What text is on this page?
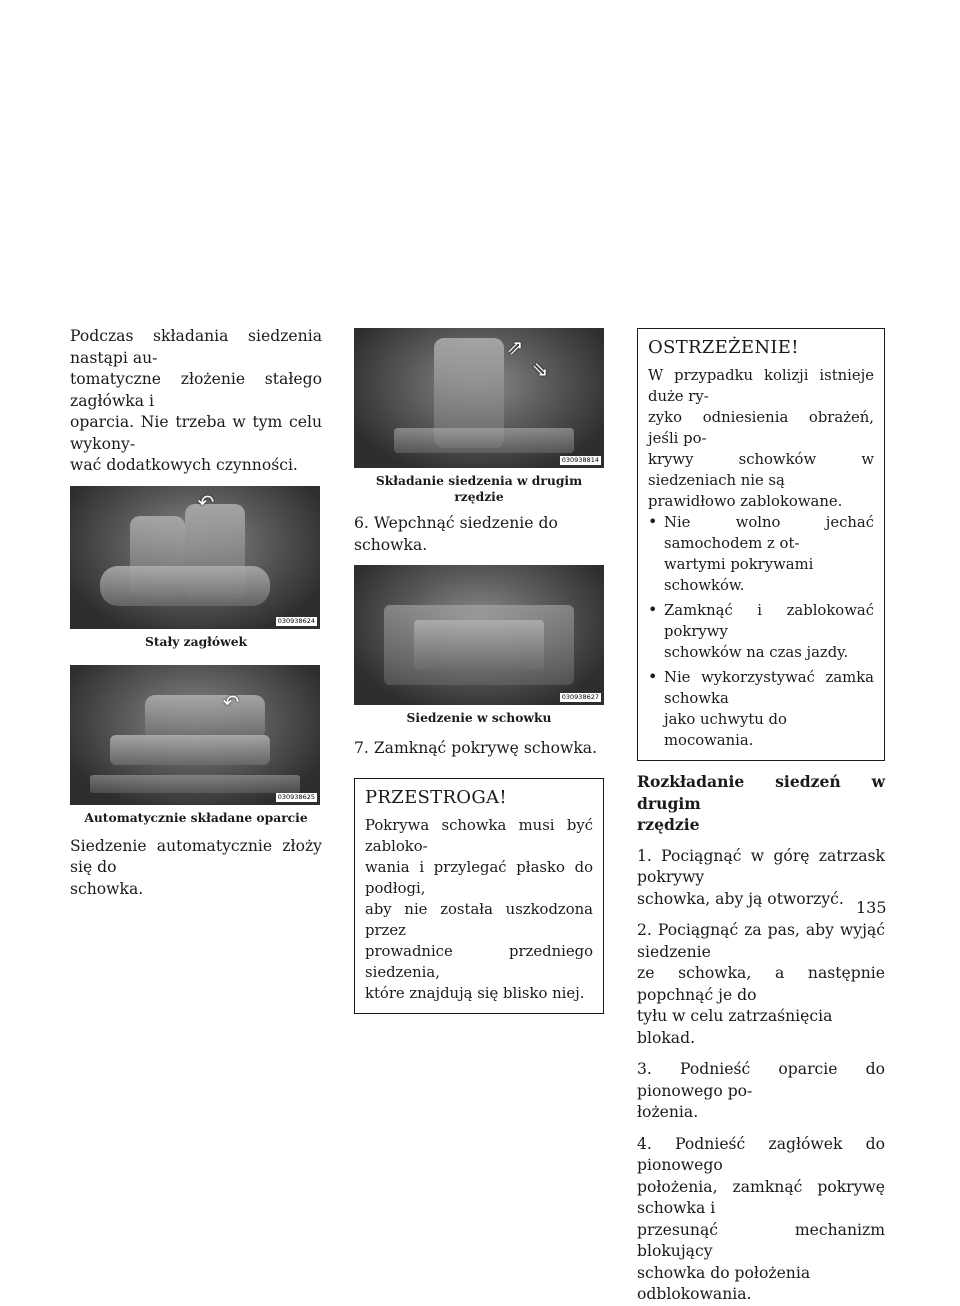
Podczas składania siedzenia nastąpi au-

tomatyczne złożenie stałego zagłówka i

oparcia. Nie trzeba w tym celu wykony-

wać dodatkowych czynności.

↶
030938624
Stały zagłówek
↶
030938625
Automatycznie składane oparcie

Siedzenie automatycznie złoży się do

schowka.

⇗
⇘
030938814
Składanie siedzenia w drugim rzędzie

6. Wepchnąć siedzenie do schowka.

030938627
Siedzenie w schowku

7. Zamknąć pokrywę schowka.

PRZESTROGA!

Pokrywa schowka musi być zabloko-

wania i przylegać płasko do podłogi,

aby nie została uszkodzona przez

prowadnice przedniego siedzenia,

które znajdują się blisko niej.

OSTRZEŻENIE!

W przypadku kolizji istnieje duże ry-

zyko odniesienia obrażeń, jeśli po-

krywy schowków w siedzeniach nie są

prawidłowo zablokowane.

• Nie wolno jechać samochodem z ot-

wartymi pokrywami schowków.

• Zamknąć i zablokować pokrywy

schowków na czas jazdy.

• Nie wykorzystywać zamka schowka

jako uchwytu do mocowania.

Rozkładanie siedzeń w drugim

rzędzie

1. Pociągnąć w górę zatrzask pokrywy

schowka, aby ją otworzyć.

2. Pociągnąć za pas, aby wyjąć siedzenie

ze schowka, a następnie popchnąć je do

tyłu w celu zatrzaśnięcia blokad.

3. Podnieść oparcie do pionowego po-

łożenia.

4. Podnieść zagłówek do pionowego

położenia, zamknąć pokrywę schowka i

przesunąć mechanizm blokujący

schowka do położenia odblokowania.

135
